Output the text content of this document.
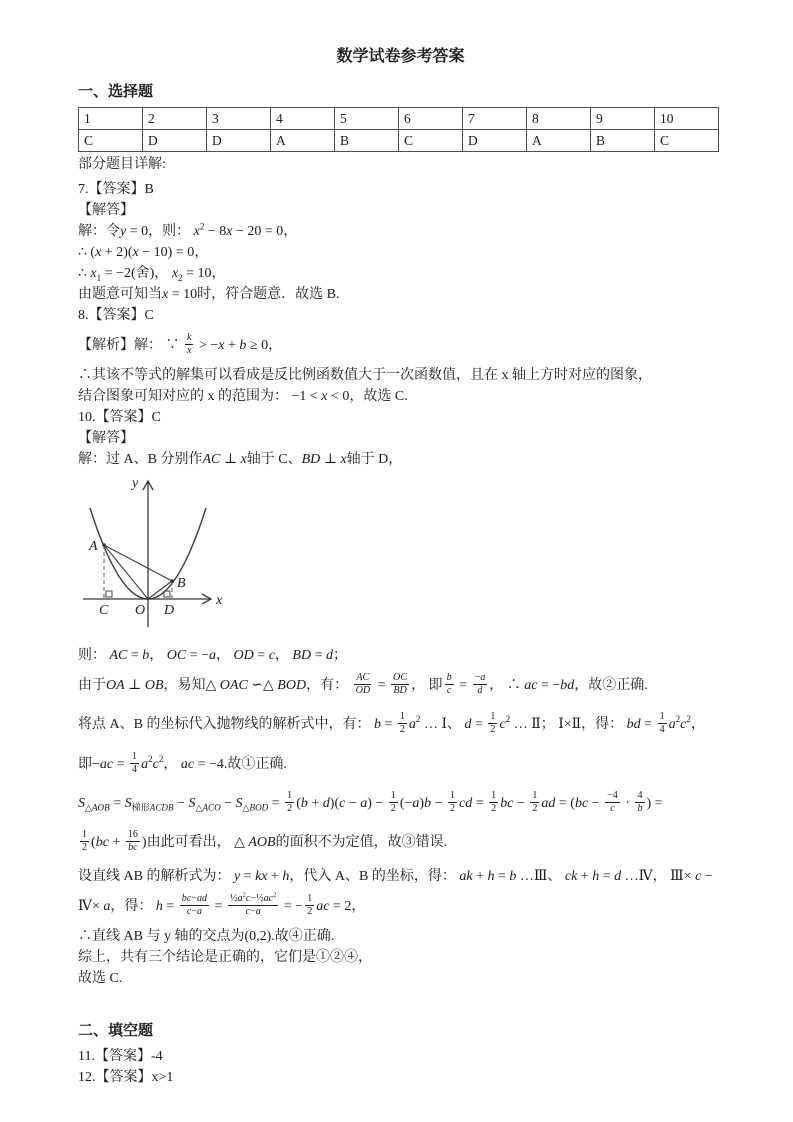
数学试卷参考答案
一、选择题
1	2	3	4	5	6	7	8	9	10
C	D	D	A	B	C	D	A	B	C
部分题目详解:
7.【答案】B
【解答】
解：令y = 0，则： $x^2 - 8x - 20 = 0$，
∴ (x + 2)(x − 10) = 0，
∴ $x_1 = -2$(舍)， $x_2 = 10$，
由题意可知当x = 10时，符合题意．故选 B.
8.【答案】C
【解析】解： ∵ $\frac{k}{x} > -x + b \ge 0$，
∴其该不等式的解集可以看成是反比例函数值大于一次函数值，且在 x 轴上方时对应的图象，
结合图象可知对应的 x 的范围为： −1 < x < 0，故选 C.
10.【答案】C
【解答】
解：过 A、B 分别作AC ⊥ x轴于 C、BD ⊥ x轴于 D，
A
B
C O D
x
y
则： AC = b， OC = −a， OD = c， BD = d；
由于OA ⊥ OB，易知△ OAC ∽△ BOD，有： $\frac{AC}{OD} = \frac{OC}{BD}$ ， 即 $\frac{b}{c} = \frac{-a}{d}$ ， ∴ ac = −bd，故②正确.
将点 A、B 的坐标代入抛物线的解析式中，有： $b = \frac{1}{2} a^2$ … Ⅰ、 $d = \frac{1}{2} c^2$ … Ⅱ； Ⅰ×Ⅱ，得： bd = $\frac{1}{4} a^2c^2$，
即$-ac = \frac{1}{4} a^2c^2$， ac = −4.故①正确.
$S_{\triangle AOB} = S_{梯形ACDB} - S_{\triangle ACO} - S_{\triangle BOD} = \frac{1}{2} (b + d)(c - a) - \frac{1}{2} (-a)b - \frac{1}{2}$ cd = $\frac{1}{2}$ bc − $\frac{1}{2}$ ad = ($bc - \frac{-4}{c} \cdot \frac{4}{b}$ ) =
$\frac{1}{2} (bc + \frac{16}{bc}$ )由此可看出， △ AOB的面积不为定值，故③错误.
设直线 AB 的解析式为： y = kx + h，代入 A、B 的坐标，得： ak + h = b …Ⅲ、 ck + h = d …Ⅳ， Ⅲ× c −
Ⅳ× a，得： $h = \frac{bc-ad}{c-a} = \frac{\frac{1}{2}a^2c-\frac{1}{2}ac^2}{c-a}$ = − $\frac{1}{2}$ ac = 2，
∴直线 AB 与 y 轴的交点为(0,2).故④正确.
综上，共有三个结论是正确的，它们是①②④，
故选 C.
二、填空题
11.【答案】-4
12.【答案】x>1
